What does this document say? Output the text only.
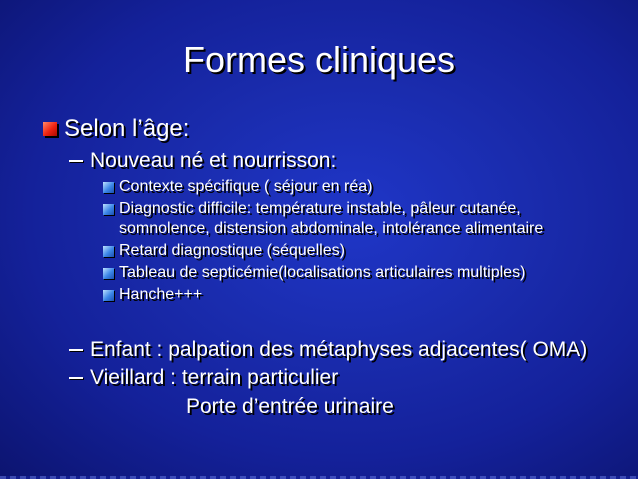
Formes cliniques
Selon l’âge:
Nouveau né et nourrisson:
Contexte spécifique ( séjour en réa)
Diagnostic difficile: température instable, pâleur cutanée,
somnolence, distension abdominale, intolérance alimentaire
Retard diagnostique (séquelles)
Tableau de septicémie(localisations articulaires multiples)
Hanche+++
Enfant : palpation des métaphyses adjacentes( OMA)
Vieillard : terrain particulier
Porte d’entrée urinaire
